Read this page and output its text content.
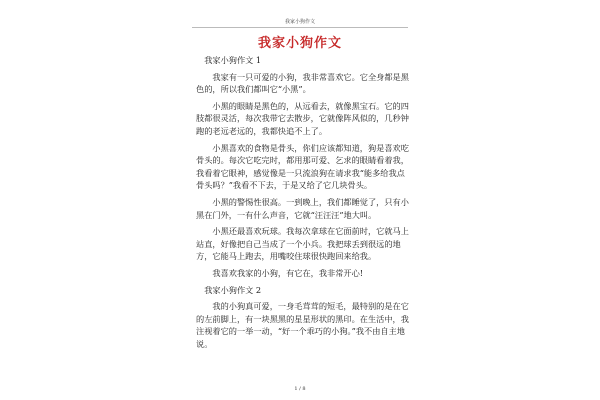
我家小狗作文
我家小狗作文

我家小狗作文 1

我家有一只可爱的小狗，我非常喜欢它。它全身都是黑色的，所以我们都叫它“小黑”。

小黑的眼睛是黑色的，从远看去，就像黑宝石。它的四肢都很灵活，每次我带它去散步，它就像阵风似的，几秒钟跑的老远老远的，我都快追不上了。

小黑喜欢的食物是骨头，你们应该都知道，狗是喜欢吃骨头的。每次它吃完时，都用那可爱、乞求的眼睛看着我，我看着它眼神，感觉像是一只流浪狗在请求我“能多给我点骨头吗？”我看不下去，于是又给了它几块骨头。

小黑的警惕性很高。一到晚上，我们都睡觉了，只有小黑在门外，一有什么声音，它就“汪汪汪”地大叫。

小黑还最喜欢玩球。我每次拿球在它面前时，它就马上站直，好像把自己当成了一个小兵。我把球丢到很远的地方，它能马上跑去，用嘴咬住球很快跑回来给我。

我喜欢我家的小狗，有它在，我非常开心!

我家小狗作文 2

我的小狗真可爱，一身毛茸茸的短毛，最特别的是在它的左前脚上，有一块黑黑的星星形状的黑印。在生活中，我注视着它的一举一动，“好一个乖巧的小狗。”我不由自主地说。

1 / 8
